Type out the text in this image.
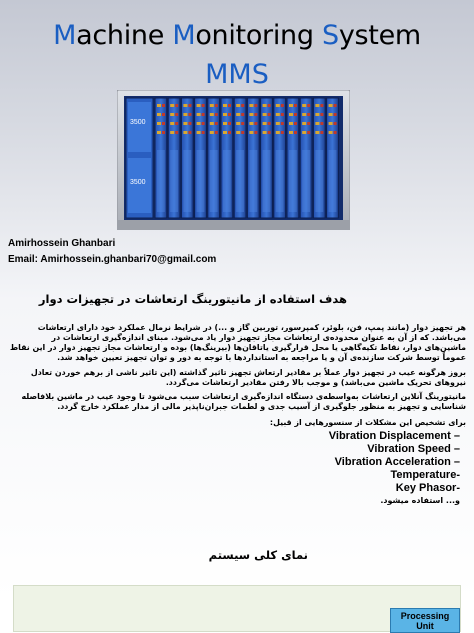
Machine Monitoring System
MMS
3500
3500
Amirhossein Ghanbari
Email: Amirhossein.ghanbari70@gmail.com
هدف استفاده از مانیتورینگ ارتعاشات در تجهیزات دوار
هر تجهیز دوار (مانند پمپ، فن، بلوئر، کمپرسور، توربین گاز و ...) در شرایط نرمال عملکرد خود دارای ارتعاشات می‌باشد. که از آن به عنوان محدوده‌ی ارتعاشات مجاز تجهیز دوار یاد می‌شود. مبنای اندازه‌گیری ارتعاشات در ماشین‌های دوار، نقاط تکیه‌گاهی یا محل قرارگیری یاتاقان‌ها (بیرینگ‌ها) بوده و ارتعاشات مجاز تجهیز دوار در این نقاط عموماً توسط شرکت سازنده‌ی آن و یا مراجعه به استانداردها با توجه به دور و توان تجهیز تعیین خواهد شد.
بروز هرگونه عیب در تجهیز دوار عملاً بر مقادیر ارتعاش تجهیز تاثیر گذاشته (این تاثیر ناشی از برهم خوردن تعادل نیروهای تحریک ماشین می‌باشد) و موجب بالا رفتن مقادیر ارتعاشات می‌گردد.
مانیتورینگ آنلاین ارتعاشات به‌واسطه‌ی دستگاه اندازه‌گیری ارتعاشات سبب می‌شود تا وجود عیب در ماشین بلافاصله شناسایی و تجهیز به منظور جلوگیری از آسیب جدی و لطمات جبران‌ناپذیر مالی از مدار عملکرد خارج گردد.
برای تشخیص این مشکلات از سنسورهایی از قبیل:
Vibration Displacement –
Vibration Speed –
Vibration Acceleration –
Temperature-
Key Phasor-
و... استفاده میشود.
نمای کلی سیستم
Processing Unit
